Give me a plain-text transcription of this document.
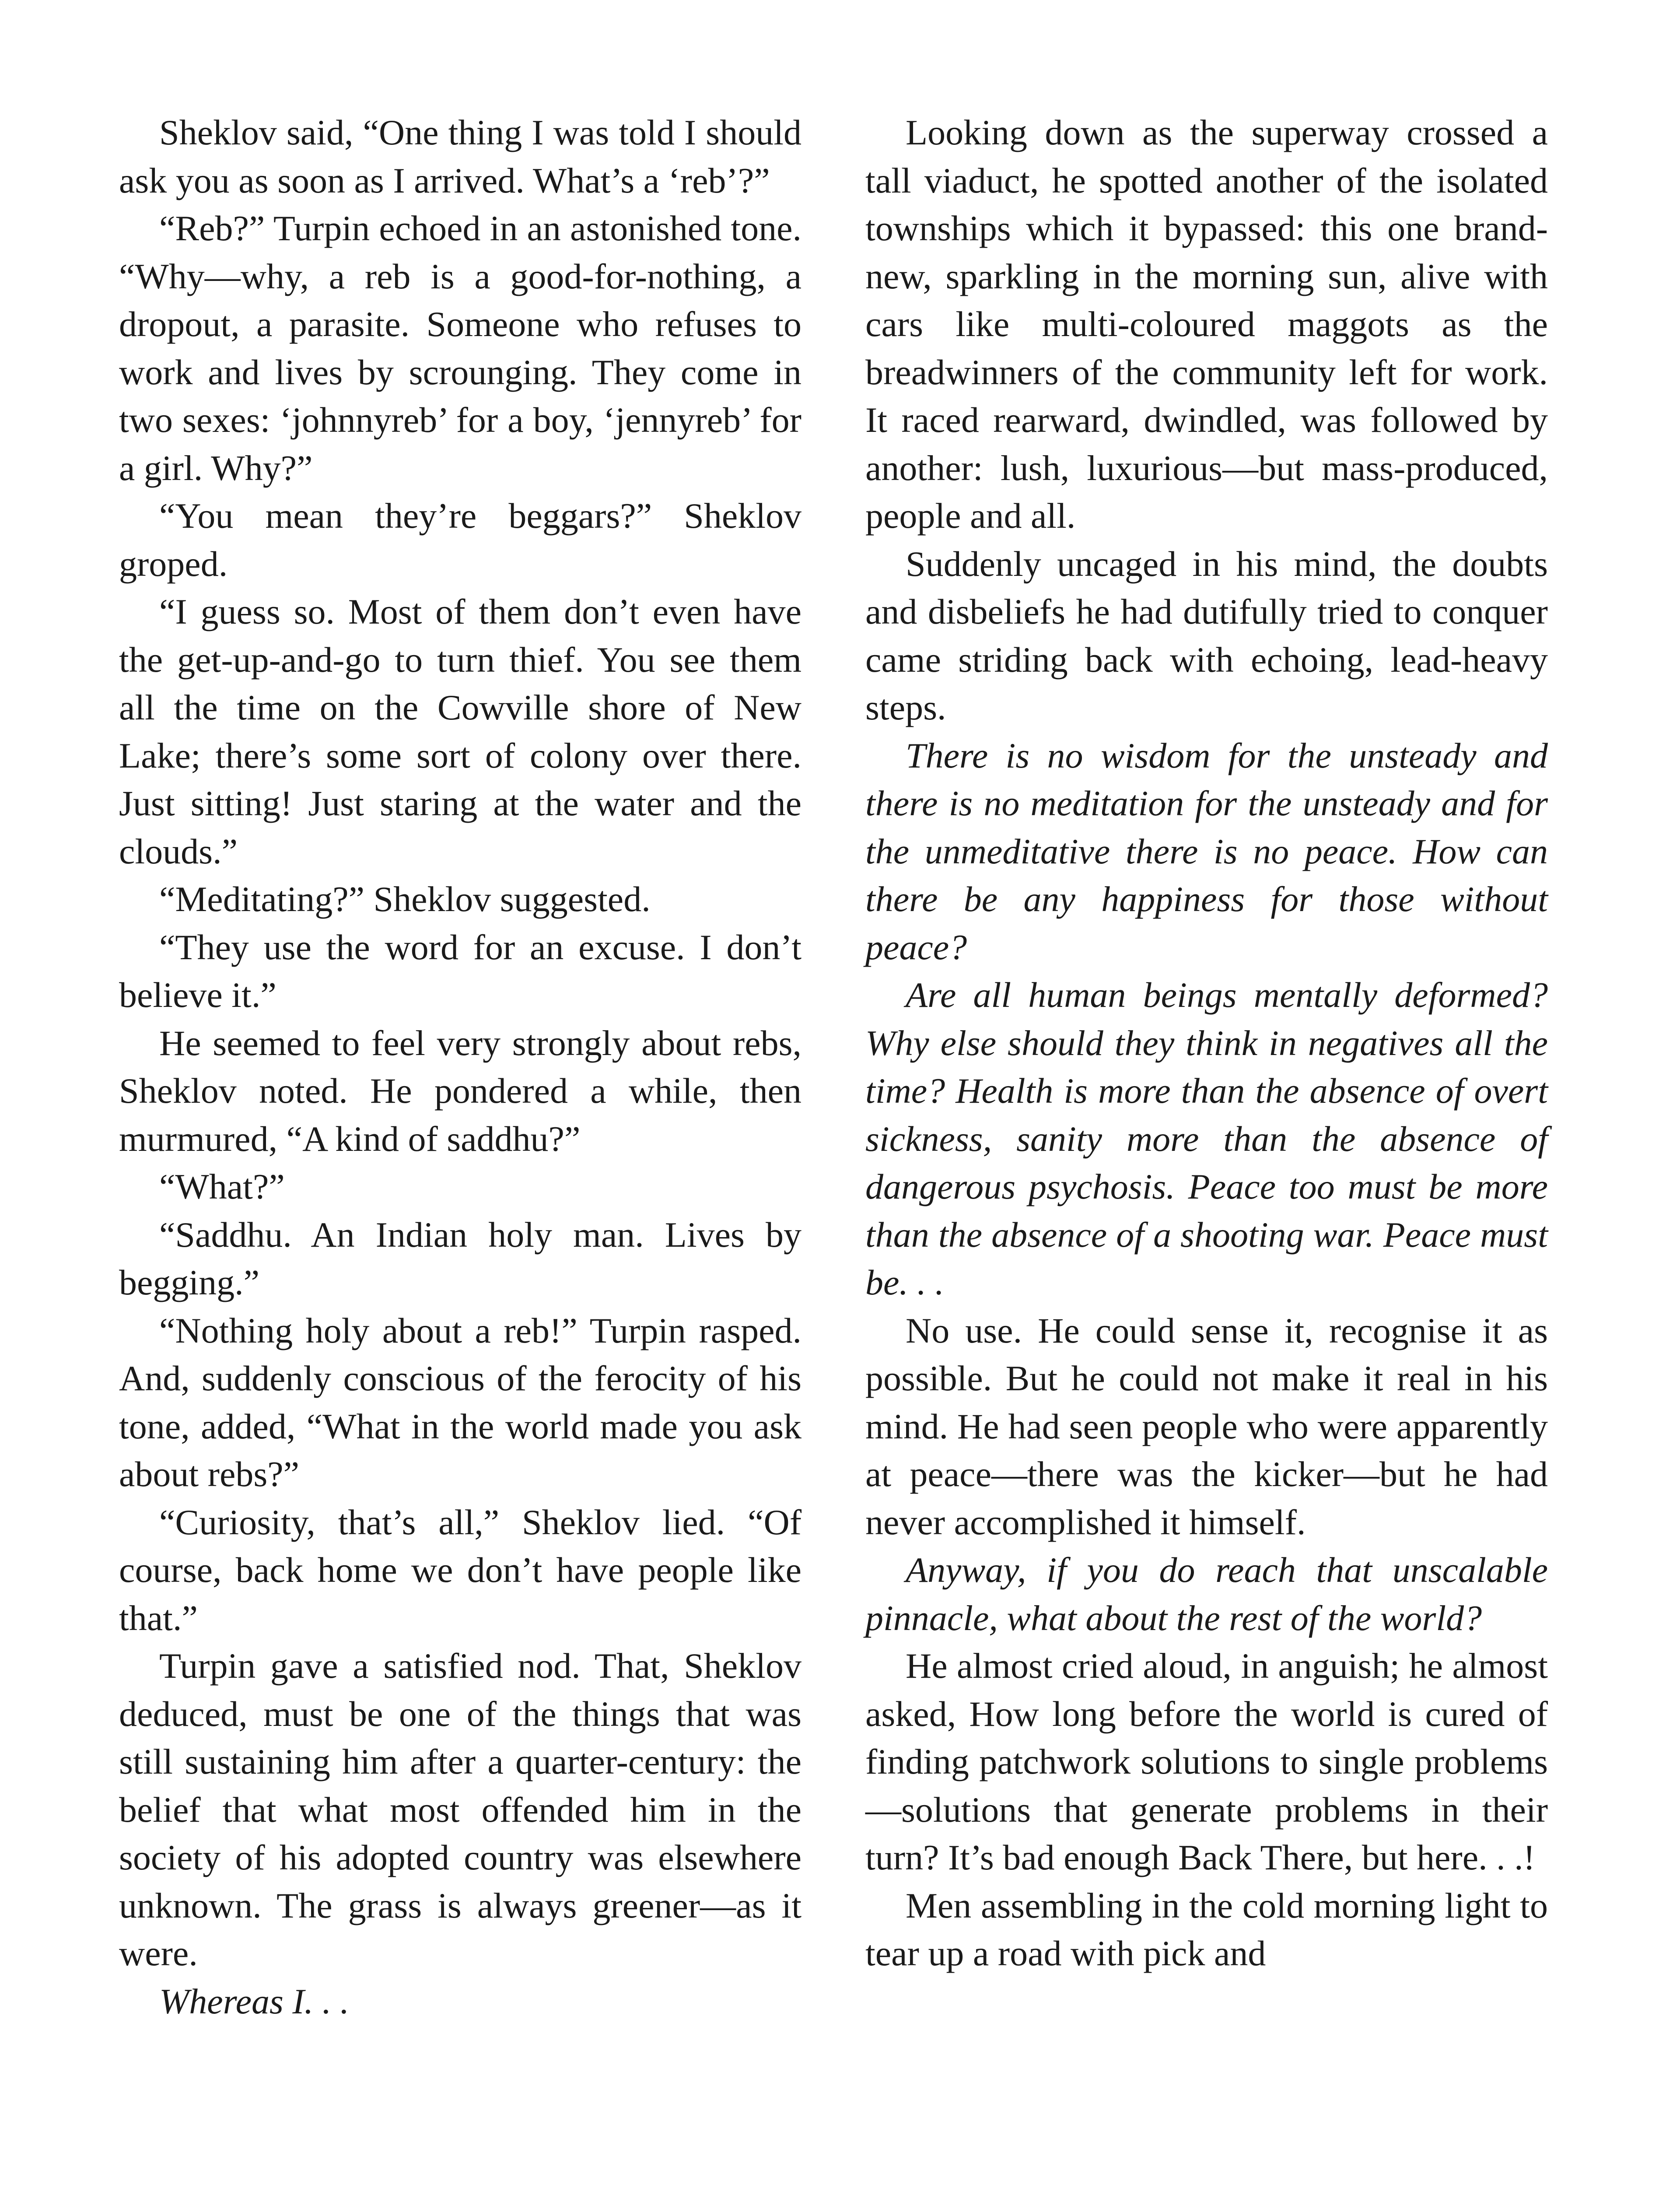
Sheklov said, “One thing I was told I should ask you as soon as I arrived. What’s a ‘reb’?”

“Reb?” Turpin echoed in an astonished tone. “Why—why, a reb is a good-for-nothing, a dropout, a parasite. Someone who refuses to work and lives by scrounging. They come in two sexes: ‘johnnyreb’ for a boy, ‘jennyreb’ for a girl. Why?”

“You mean they’re beggars?” Sheklov groped.

“I guess so. Most of them don’t even have the get-up-and-go to turn thief. You see them all the time on the Cowville shore of New Lake; there’s some sort of colony over there. Just sitting! Just staring at the water and the clouds.”

“Meditating?” Sheklov suggested.

“They use the word for an excuse. I don’t believe it.”

He seemed to feel very strongly about rebs, Sheklov noted. He pondered a while, then murmured, “A kind of saddhu?”

“What?”

“Saddhu. An Indian holy man. Lives by begging.”

“Nothing holy about a reb!” Turpin rasped. And, suddenly conscious of the ferocity of his tone, added, “What in the world made you ask about rebs?”

“Curiosity, that’s all,” Sheklov lied. “Of course, back home we don’t have people like that.”

Turpin gave a satisfied nod. That, Sheklov deduced, must be one of the things that was still sustaining him after a quarter-century: the belief that what most offended him in the society of his adopted country was elsewhere unknown. The grass is always greener—as it were.

Whereas I. . .

Looking down as the superway crossed a tall viaduct, he spotted another of the isolated townships which it bypassed: this one brand-new, sparkling in the morning sun, alive with cars like multi-coloured maggots as the breadwinners of the community left for work. It raced rearward, dwindled, was followed by another: lush, luxurious—but mass-produced, people and all.

Suddenly uncaged in his mind, the doubts and disbeliefs he had dutifully tried to conquer came striding back with echoing, lead-heavy steps.

There is no wisdom for the unsteady and there is no meditation for the unsteady and for the unmeditative there is no peace. How can there be any happiness for those without peace?

Are all human beings mentally deformed? Why else should they think in negatives all the time? Health is more than the absence of overt sickness, sanity more than the absence of dangerous psychosis. Peace too must be more than the absence of a shooting war. Peace must be. . .

No use. He could sense it, recognise it as possible. But he could not make it real in his mind. He had seen people who were apparently at peace—there was the kicker—but he had never accomplished it himself.

Anyway, if you do reach that unscalable pinnacle, what about the rest of the world?

He almost cried aloud, in anguish; he almost asked, How long before the world is cured of finding patchwork solutions to single problems—solutions that generate problems in their turn? It’s bad enough Back There, but here. . .!

Men assembling in the cold morning light to tear up a road with pick and
